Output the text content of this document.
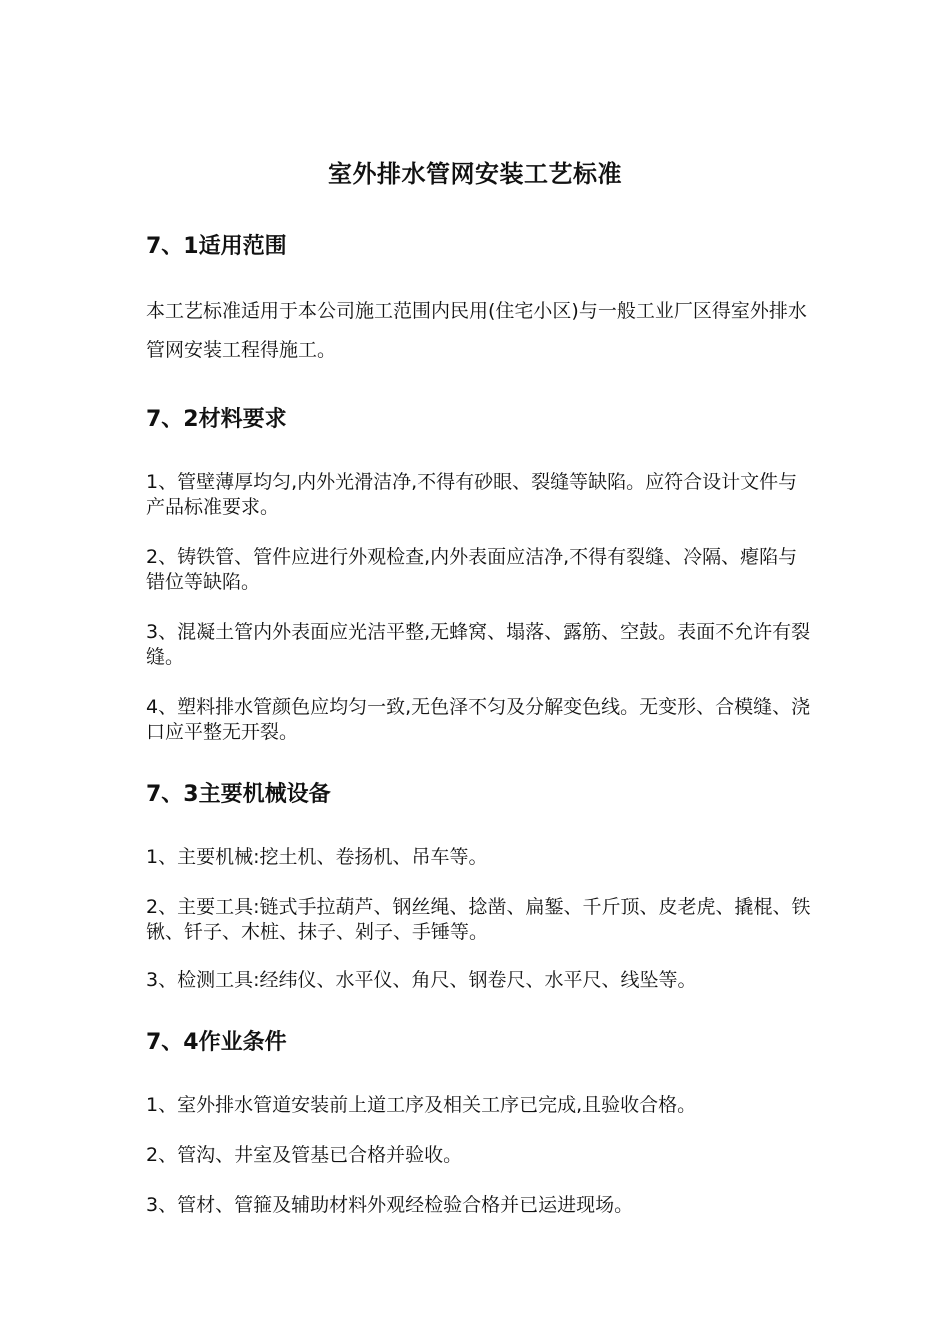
室外排水管网安装工艺标准
7、1适用范围
本工艺标准适用于本公司施工范围内民用(住宅小区)与一般工业厂区得室外排水管网安装工程得施工。
7、2材料要求
1、管壁薄厚均匀,内外光滑洁净,不得有砂眼、裂缝等缺陷。应符合设计文件与产品标准要求。
2、铸铁管、管件应进行外观检查,内外表面应洁净,不得有裂缝、冷隔、瘪陷与错位等缺陷。
3、混凝土管内外表面应光洁平整,无蜂窝、塌落、露筋、空鼓。表面不允许有裂缝。
4、塑料排水管颜色应均匀一致,无色泽不匀及分解变色线。无变形、合模缝、浇口应平整无开裂。
7、3主要机械设备
1、主要机械:挖土机、卷扬机、吊车等。
2、主要工具:链式手拉葫芦、钢丝绳、捻凿、扁錾、千斤顶、皮老虎、撬棍、铁锹、钎子、木桩、抹子、剁子、手锤等。
3、检测工具:经纬仪、水平仪、角尺、钢卷尺、水平尺、线坠等。
7、4作业条件
1、室外排水管道安装前上道工序及相关工序已完成,且验收合格。
2、管沟、井室及管基已合格并验收。
3、管材、管箍及辅助材料外观经检验合格并已运进现场。
